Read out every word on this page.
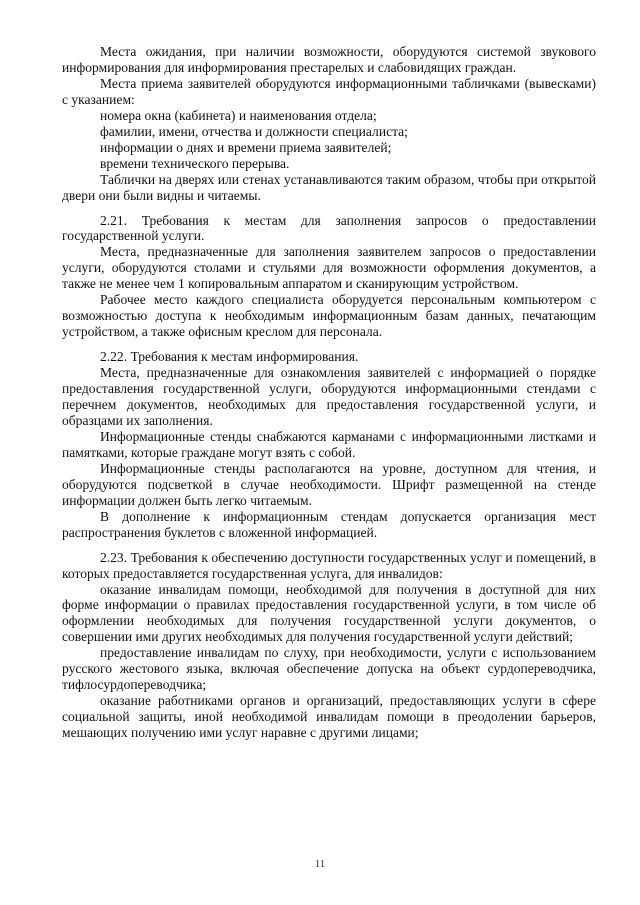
Места ожидания, при наличии возможности, оборудуются системой звукового информирования для информирования престарелых и слабовидящих граждан.
Места приема заявителей оборудуются информационными табличками (вывесками) с указанием:
номера окна (кабинета) и наименования отдела;
фамилии, имени, отчества и должности специалиста;
информации о днях и времени приема заявителей;
времени технического перерыва.
Таблички на дверях или стенах устанавливаются таким образом, чтобы при открытой двери они были видны и читаемы.
2.21. Требования к местам для заполнения запросов о предоставлении государственной услуги.
Места, предназначенные для заполнения заявителем запросов о предоставлении услуги, оборудуются столами и стульями для возможности оформления документов, а также не менее чем 1 копировальным аппаратом и сканирующим устройством.
Рабочее место каждого специалиста оборудуется персональным компьютером с возможностью доступа к необходимым информационным базам данных, печатающим устройством, а также офисным креслом для персонала.
2.22. Требования к местам информирования.
Места, предназначенные для ознакомления заявителей с информацией о порядке предоставления государственной услуги, оборудуются информационными стендами с перечнем документов, необходимых для предоставления государственной услуги, и образцами их заполнения.
Информационные стенды снабжаются карманами с информационными листками и памятками, которые граждане могут взять с собой.
Информационные стенды располагаются на уровне, доступном для чтения, и оборудуются подсветкой в случае необходимости. Шрифт размещенной на стенде информации должен быть легко читаемым.
В дополнение к информационным стендам допускается организация мест распространения буклетов с вложенной информацией.
2.23. Требования к обеспечению доступности государственных услуг и помещений, в которых предоставляется государственная услуга, для инвалидов:
оказание инвалидам помощи, необходимой для получения в доступной для них форме информации о правилах предоставления государственной услуги, в том числе об оформлении необходимых для получения государственной услуги документов, о совершении ими других необходимых для получения государственной услуги действий;
предоставление инвалидам по слуху, при необходимости, услуги с использованием русского жестового языка, включая обеспечение допуска на объект сурдопереводчика, тифлосурдопереводчика;
оказание работниками органов и организаций, предоставляющих услуги в сфере социальной защиты, иной необходимой инвалидам помощи в преодолении барьеров, мешающих получению ими услуг наравне с другими лицами;
11
